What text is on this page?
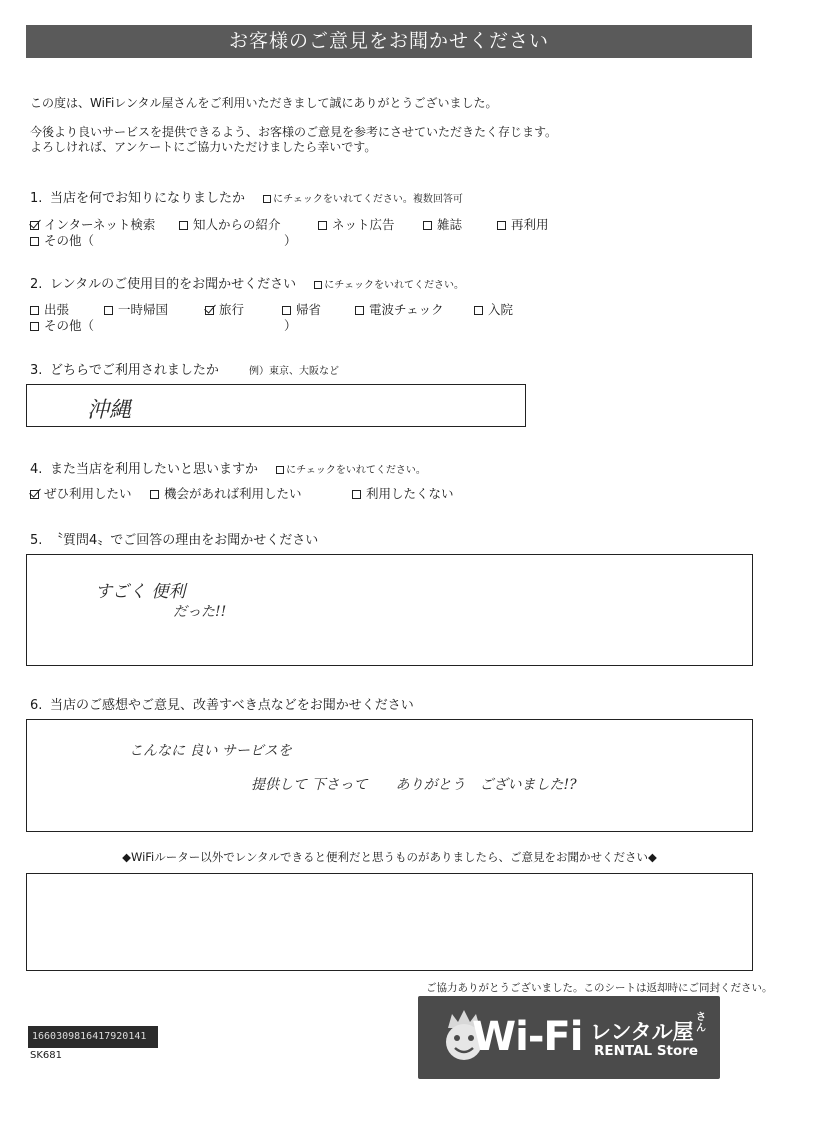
お客様のご意見をお聞かせください
この度は、WiFiレンタル屋さんをご利用いただきまして誠にありがとうございました。
今後より良いサービスを提供できるよう、お客様のご意見を参考にさせていただきたく存じます。
よろしければ、アンケートにご協力いただけましたら幸いです。
1. 当店を何でお知りになりましたか	にチェックをいれてください。複数回答可
インターネット検索	知人からの紹介	ネット広告	雑誌	再利用
その他（	）
2. レンタルのご使用目的をお聞かせください	にチェックをいれてください。
出張	一時帰国	旅行	帰省	電波チェック	入院
その他（	）
3. どちらでご利用されましたか	例）東京、大阪など
沖縄
4. また当店を利用したいと思いますか	にチェックをいれてください。
ぜひ利用したい	機会があれば利用したい	利用したくない
5. 〝質問4〟でご回答の理由をお聞かせください
すごく 便利
だった!!
6. 当店のご感想やご意見、改善すべき点などをお聞かせください
こんなに 良い サービスを
提供して 下さって　　ありがとう　ございました!?
◆WiFiルーター以外でレンタルできると便利だと思うものがありましたら、ご意見をお聞かせください◆
ご協力ありがとうございました。このシートは返却時にご同封ください。
1660309816417920141
SK681	Wi-Fi レンタル屋
さん
RENTAL Store
